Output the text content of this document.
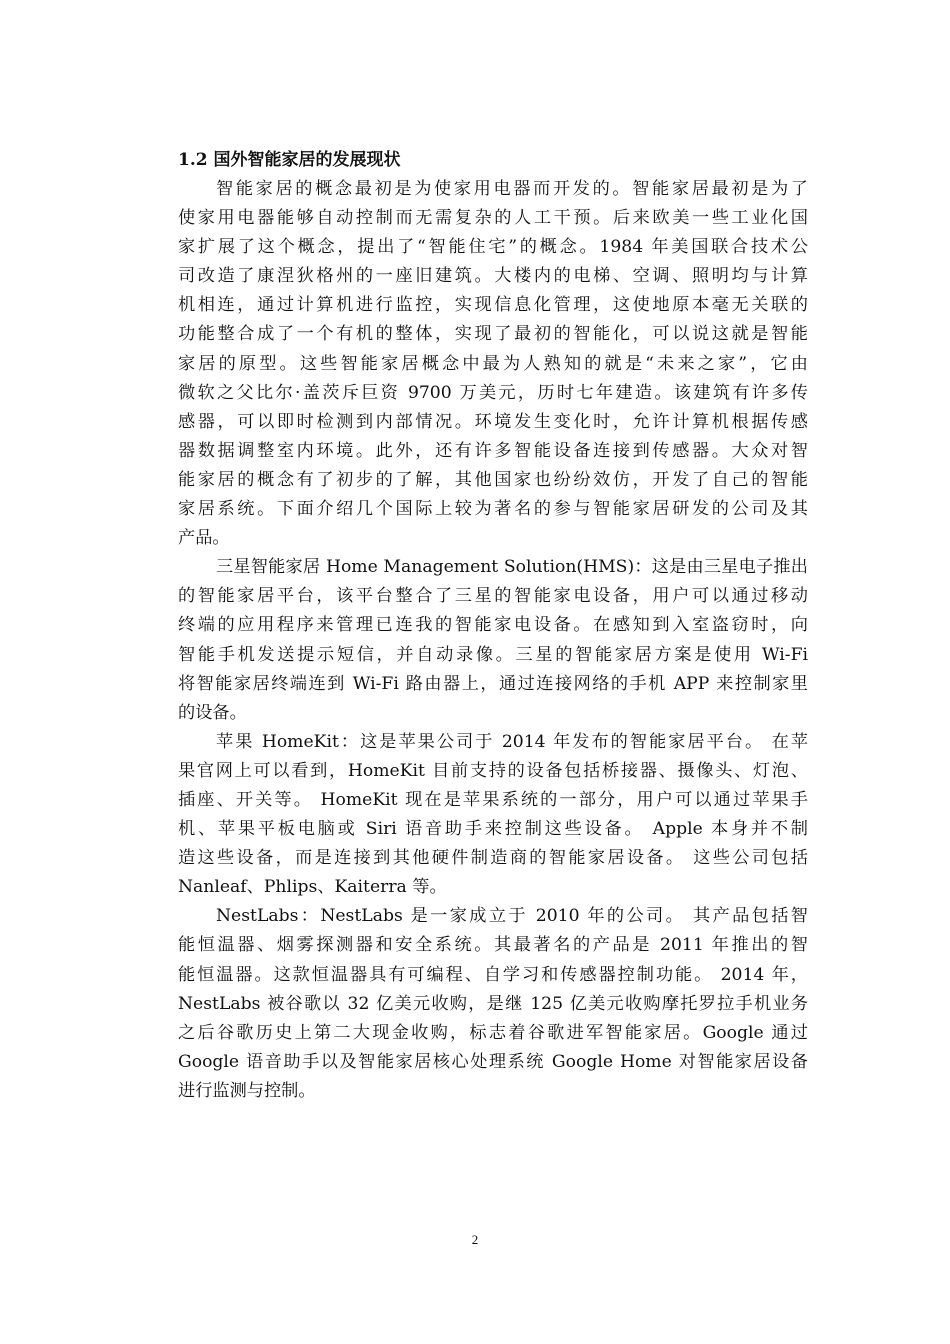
1.2 国外智能家居的发展现状
智能家居的概念最初是为使家用电器而开发的。智能家居最初是为了
使家用电器能够自动控制而无需复杂的人工干预。后来欧美一些工业化国
家扩展了这个概念，提出了“智能住宅”的概念。1984 年美国联合技术公
司改造了康涅狄格州的一座旧建筑。大楼内的电梯、空调、照明均与计算
机相连，通过计算机进行监控，实现信息化管理，这使地原本毫无关联的
功能整合成了一个有机的整体，实现了最初的智能化，可以说这就是智能
家居的原型。这些智能家居概念中最为人熟知的就是“未来之家”，它由
微软之父比尔·盖茨斥巨资 9700 万美元，历时七年建造。该建筑有许多传
感器，可以即时检测到内部情况。环境发生变化时，允许计算机根据传感
器数据调整室内环境。此外，还有许多智能设备连接到传感器。大众对智
能家居的概念有了初步的了解，其他国家也纷纷效仿，开发了自己的智能
家居系统。下面介绍几个国际上较为著名的参与智能家居研发的公司及其
产品。
三星智能家居 Home Management Solution(HMS)：这是由三星电子推出
的智能家居平台，该平台整合了三星的智能家电设备，用户可以通过移动
终端的应用程序来管理已连我的智能家电设备。在感知到入室盗窃时，向
智能手机发送提示短信，并自动录像。三星的智能家居方案是使用 Wi-Fi
将智能家居终端连到 Wi-Fi 路由器上，通过连接网络的手机 APP 来控制家里
的设备。
苹果 HomeKit：这是苹果公司于 2014 年发布的智能家居平台。 在苹
果官网上可以看到，HomeKit 目前支持的设备包括桥接器、摄像头、灯泡、
插座、开关等。 HomeKit 现在是苹果系统的一部分，用户可以通过苹果手
机、苹果平板电脑或 Siri 语音助手来控制这些设备。 Apple 本身并不制
造这些设备，而是连接到其他硬件制造商的智能家居设备。 这些公司包括
Nanleaf、Phlips、Kaiterra 等。
NestLabs：NestLabs 是一家成立于 2010 年的公司。 其产品包括智
能恒温器、烟雾探测器和安全系统。其最著名的产品是 2011 年推出的智
能恒温器。这款恒温器具有可编程、自学习和传感器控制功能。 2014 年，
NestLabs 被谷歌以 32 亿美元收购，是继 125 亿美元收购摩托罗拉手机业务
之后谷歌历史上第二大现金收购，标志着谷歌进军智能家居。Google 通过
Google 语音助手以及智能家居核心处理系统 Google Home 对智能家居设备
进行监测与控制。
2
